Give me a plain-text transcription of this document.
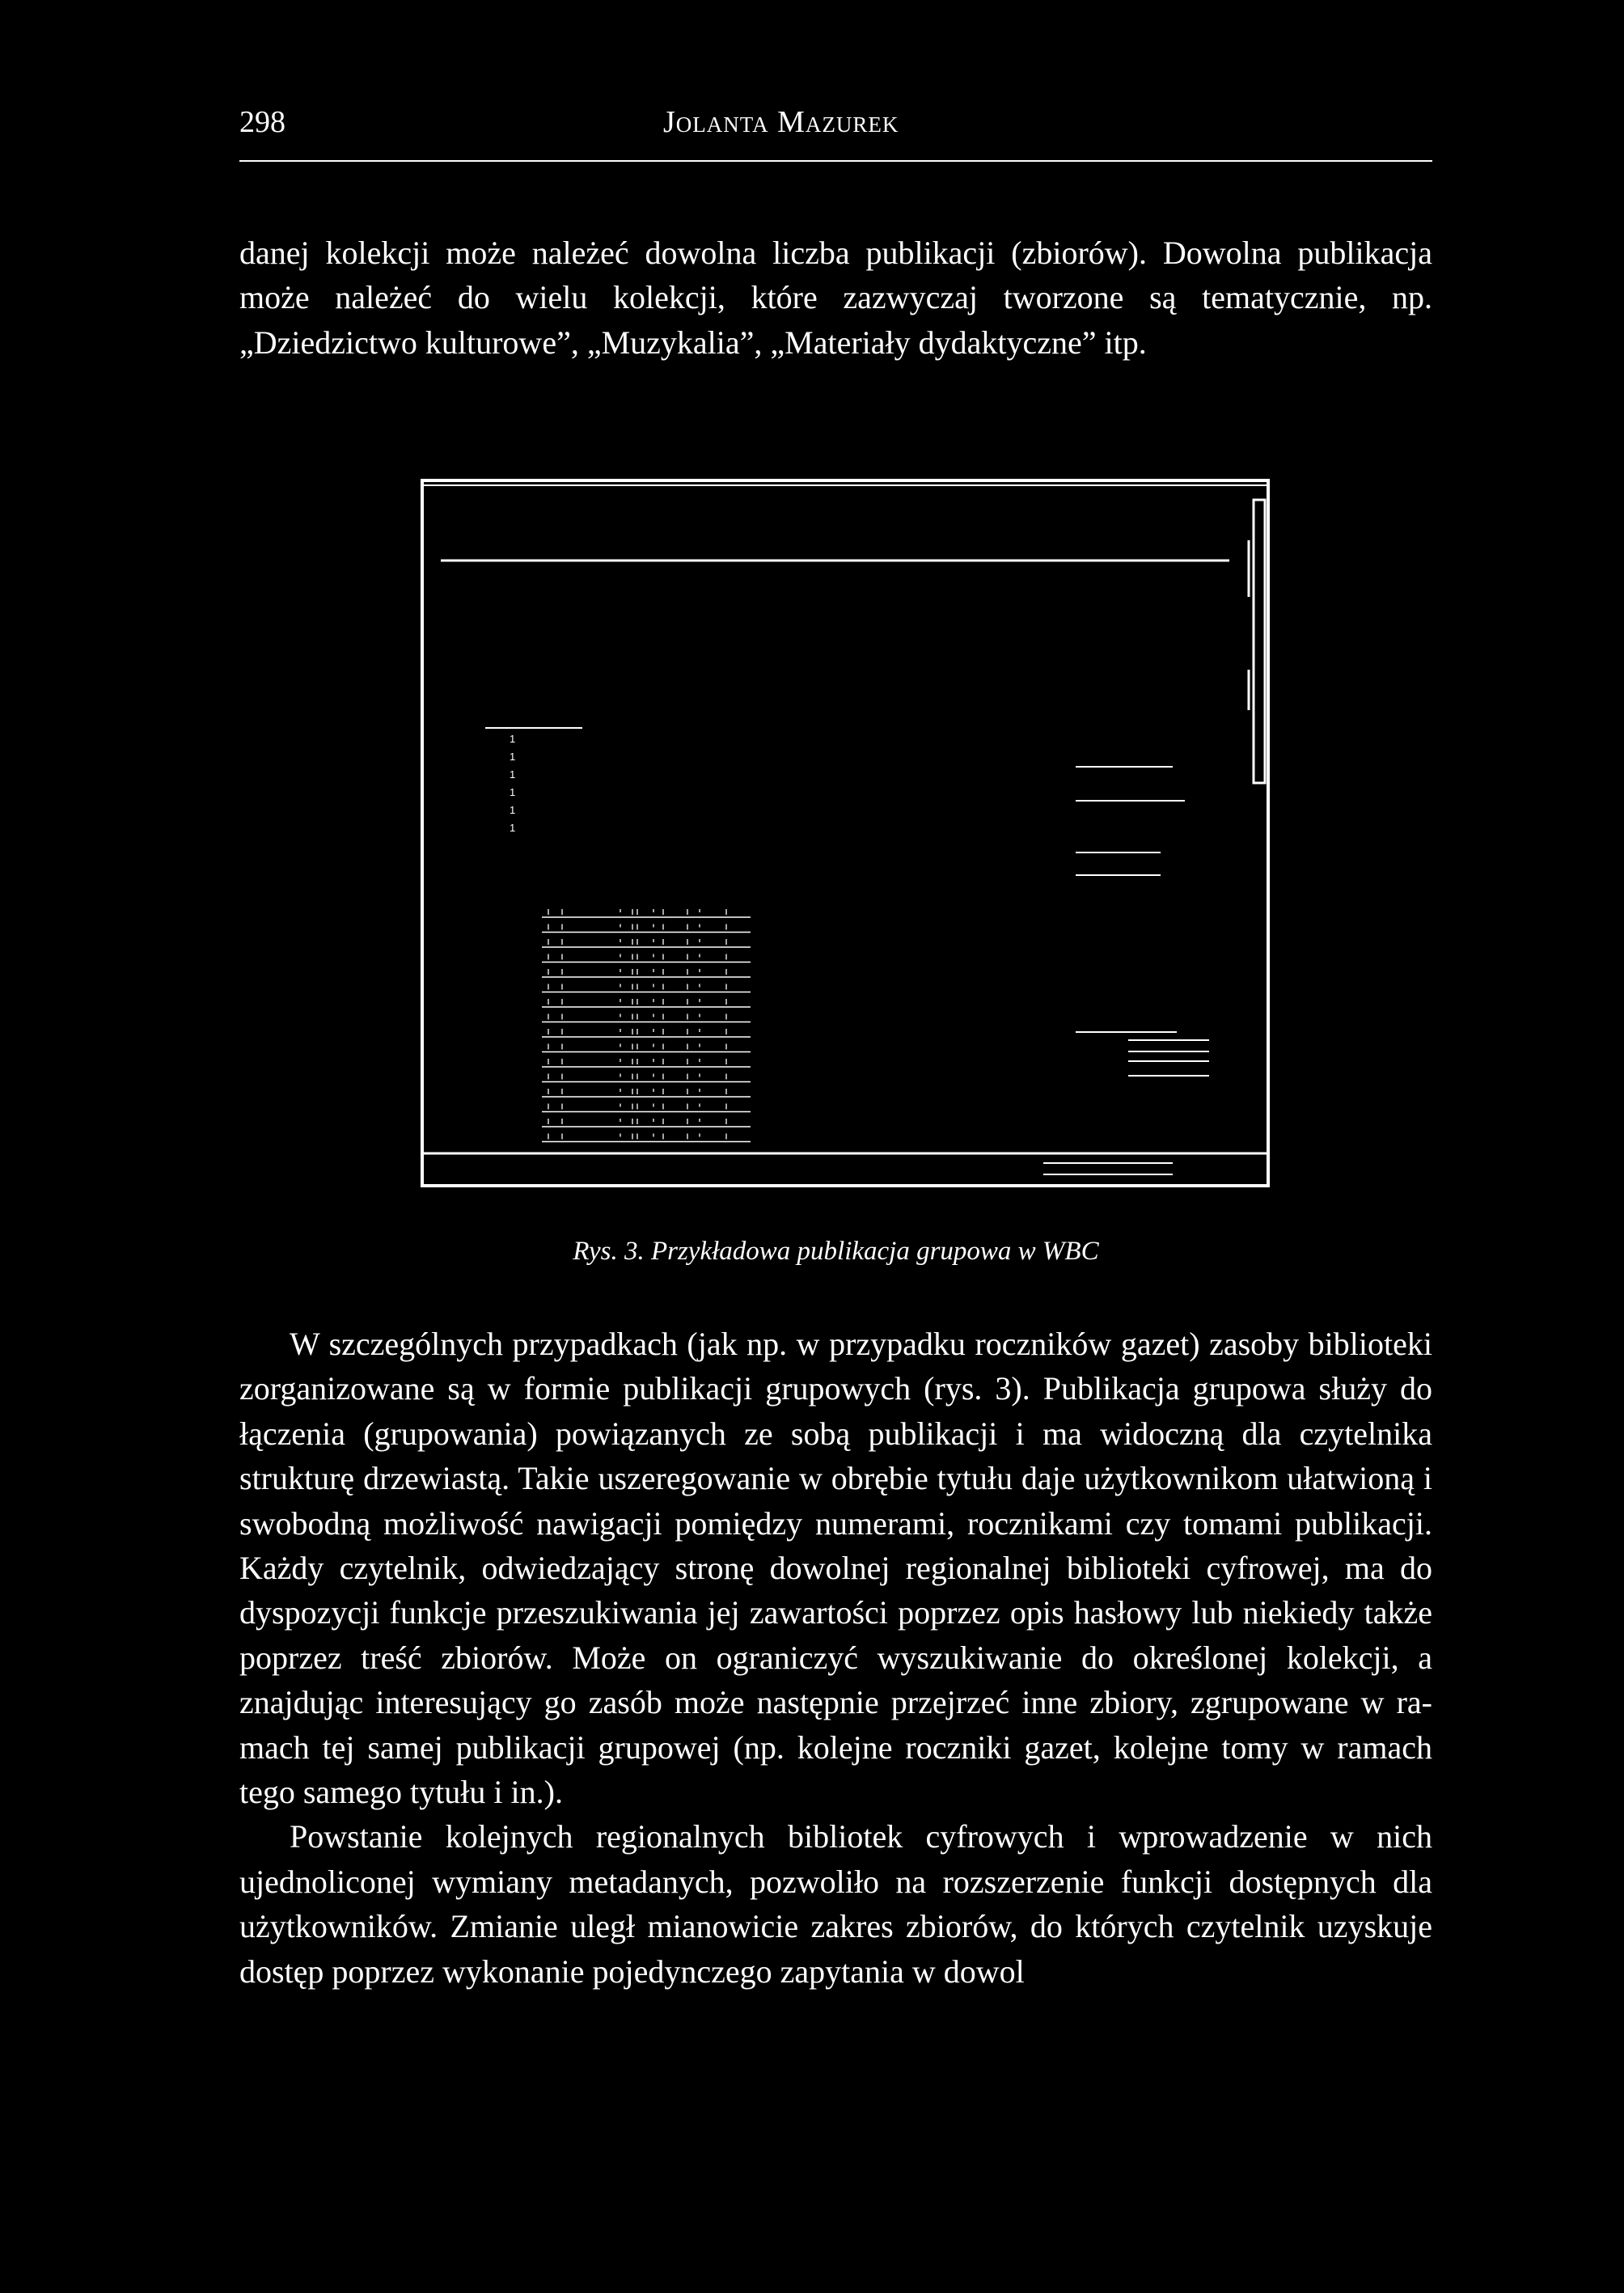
298	Jolanta Mazurek

danej kolekcji może należeć dowolna liczba publikacji (zbiorów). Dowolna publikacja może należeć do wielu kolekcji, które zazwyczaj tworzone są tematycznie, np. „Dziedzictwo kulturowe”, „Muzykalia”, „Materiały dydaktyczne” itp.

1
1
1
1
1
1
Rys. 3. Przykładowa publikacja grupowa w WBC

W szczególnych przypadkach (jak np. w przypadku roczników gazet) zasoby biblioteki zorganizowane są w formie publikacji grupowych (rys. 3). Publikacja grupowa służy do łączenia (grupowania) powiązanych ze sobą publikacji i ma widoczną dla czytelnika strukturę drzewiastą. Takie uszeregowanie w obrębie tytułu daje użytkownikom ułatwioną i swobodną możliwość nawigacji pomiędzy numerami, rocznikami czy tomami publikacji. Każdy czytelnik, odwiedzający stronę dowolnej regionalnej biblioteki cyfrowej, ma do dyspozycji funkcje przeszukiwania jej zawartości poprzez opis hasłowy lub niekiedy także poprzez treść zbiorów. Może on ograniczyć wyszukiwanie do określonej kolekcji, a znajdując interesujący go zasób może następnie przejrzeć inne zbiory, zgrupowane w ramach tej samej publikacji grupowej (np. kolejne roczniki gazet, kolejne tomy w ramach tego samego tytułu i in.).

Powstanie kolejnych regionalnych bibliotek cyfrowych i wprowadzenie w nich ujednoliconej wymiany metadanych, pozwoliło na rozszerzenie funkcji dostępnych dla użytkowników. Zmianie uległ mianowicie zakres zbiorów, do których czytelnik uzyskuje dostęp poprzez wykonanie pojedynczego zapytania w dowol
